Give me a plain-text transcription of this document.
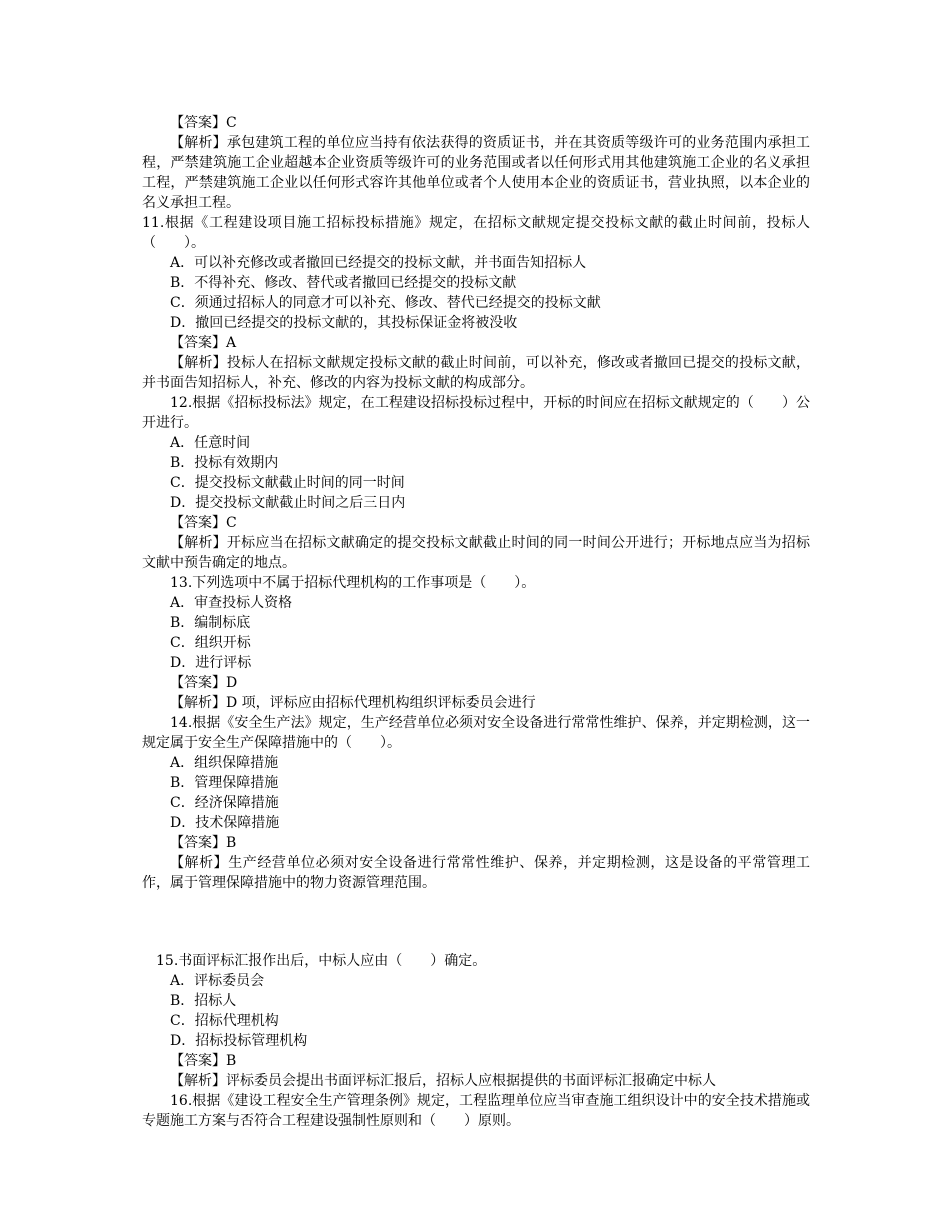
【答案】C
【解析】承包建筑工程的单位应当持有依法获得的资质证书，并在其资质等级许可的业务范围内承担工程，严禁建筑施工企业超越本企业资质等级许可的业务范围或者以任何形式用其他建筑施工企业的名义承担工程，严禁建筑施工企业以任何形式容许其他单位或者个人使用本企业的资质证书，营业执照，以本企业的名义承担工程。
11.根据《工程建设项目施工招标投标措施》规定，在招标文献规定提交投标文献的截止时间前，投标人（　　）。
A．可以补充修改或者撤回已经提交的投标文献，并书面告知招标人
B．不得补充、修改、替代或者撤回已经提交的投标文献
C．须通过招标人的同意才可以补充、修改、替代已经提交的投标文献
D．撤回已经提交的投标文献的，其投标保证金将被没收
【答案】A
【解析】投标人在招标文献规定投标文献的截止时间前，可以补充，修改或者撤回已提交的投标文献，并书面告知招标人，补充、修改的内容为投标文献的构成部分。
12.根据《招标投标法》规定，在工程建设招标投标过程中，开标的时间应在招标文献规定的（　　）公开进行。
A．任意时间
B．投标有效期内
C．提交投标文献截止时间的同一时间
D．提交投标文献截止时间之后三日内
【答案】C
【解析】开标应当在招标文献确定的提交投标文献截止时间的同一时间公开进行；开标地点应当为招标文献中预告确定的地点。
13.下列选项中不属于招标代理机构的工作事项是（　　）。
A．审查投标人资格
B．编制标底
C．组织开标
D．进行评标
【答案】D
【解析】D 项，评标应由招标代理机构组织评标委员会进行
14.根据《安全生产法》规定，生产经营单位必须对安全设备进行常常性维护、保养，并定期检测，这一规定属于安全生产保障措施中的（　　）。
A．组织保障措施
B．管理保障措施
C．经济保障措施
D．技术保障措施
【答案】B
【解析】生产经营单位必须对安全设备进行常常性维护、保养，并定期检测，这是设备的平常管理工作，属于管理保障措施中的物力资源管理范围。
15.书面评标汇报作出后，中标人应由（　　）确定。
A．评标委员会
B．招标人
C．招标代理机构
D．招标投标管理机构
【答案】B
【解析】评标委员会提出书面评标汇报后，招标人应根据提供的书面评标汇报确定中标人
16.根据《建设工程安全生产管理条例》规定，工程监理单位应当审查施工组织设计中的安全技术措施或专题施工方案与否符合工程建设强制性原则和（　　）原则。
